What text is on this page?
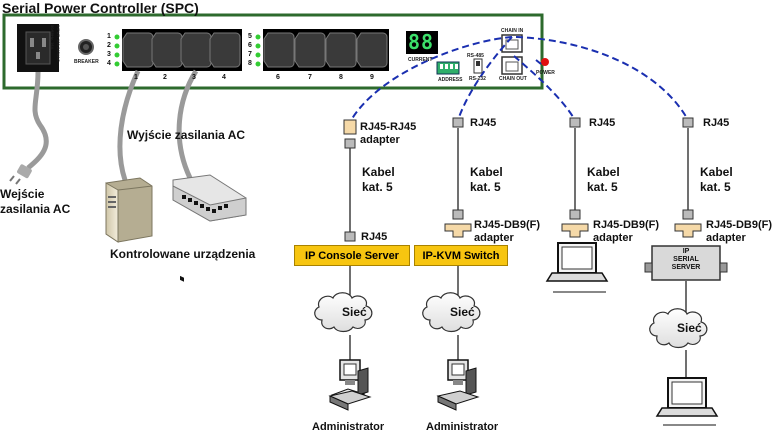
Serial Power Controller (SPC)
INPUT: 100-240VAC
50/60Hz, 16A
BREAKER
1
2
3
4
5
6
7
8
1	2	3	4	6	7	8	9
88
CURRENT
RS-485
RS-232
ADDRESS
CHAIN IN
CHAIN OUT
POWER
Wejście
zasilania AC
Wyjście zasilania AC
Kontrolowane urządzenia
RJ45-RJ45
adapter
Kabel
kat. 5
RJ45
IP Console Server
Sieć
Administrator
RJ45
Kabel
kat. 5
RJ45-DB9(F)
adapter
IP-KVM Switch
Sieć
Administrator
RJ45
Kabel
kat. 5
RJ45-DB9(F)
adapter
RJ45
Kabel
kat. 5
RJ45-DB9(F)
adapter
IP
SERIAL
SERVER
Sieć
